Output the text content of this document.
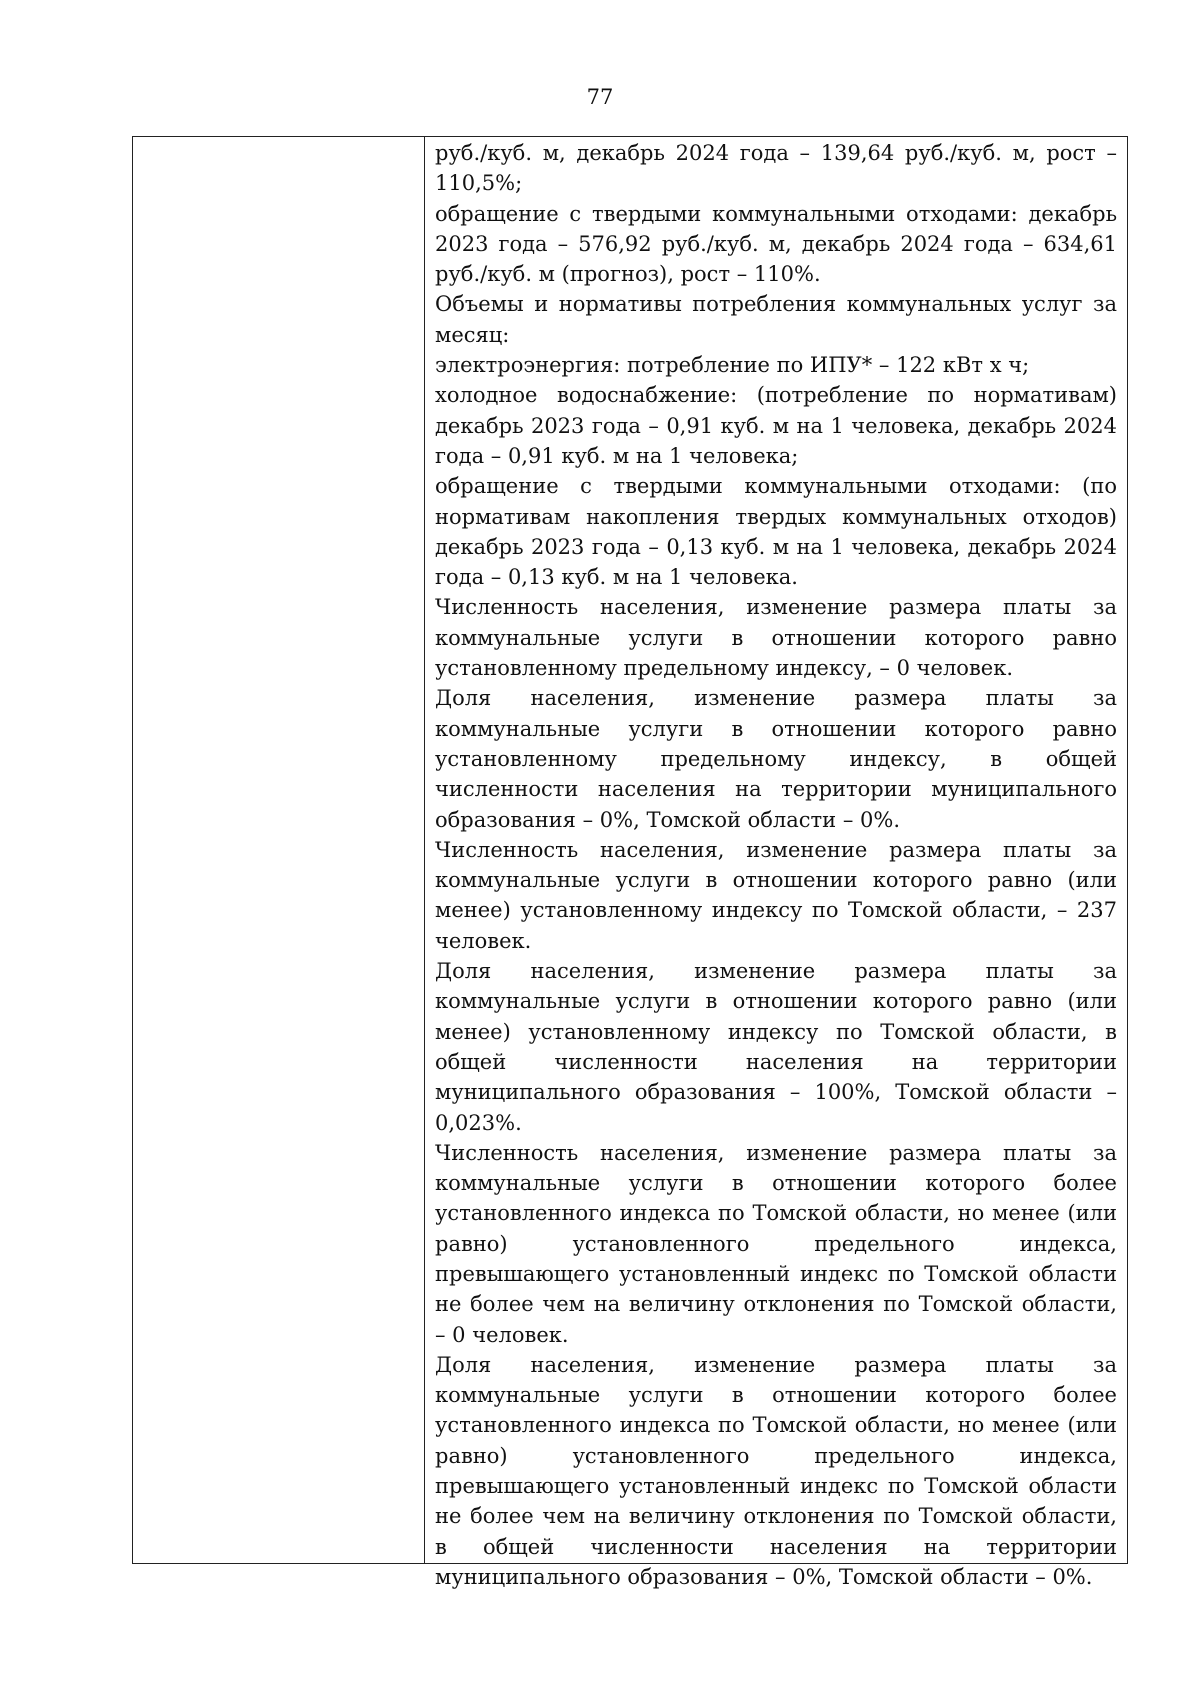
77

руб./куб. м, декабрь 2024 года – 139,64 руб./куб. м, рост – 110,5%;

обращение с твердыми коммунальными отходами: декабрь 2023 года – 576,92 руб./куб. м, декабрь 2024 года – 634,61 руб./куб. м (прогноз), рост – 110%.

Объемы и нормативы потребления коммунальных услуг за месяц:

электроэнергия: потребление по ИПУ* – 122 кВт х ч;

холодное водоснабжение: (потребление по нормативам) декабрь 2023 года – 0,91 куб. м на 1 человека, декабрь 2024 года – 0,91 куб. м на 1 человека;

обращение с твердыми коммунальными отходами: (по нормативам накопления твердых коммунальных отходов) декабрь 2023 года – 0,13 куб. м на 1 человека, декабрь 2024 года – 0,13 куб. м на 1 человека.

Численность населения, изменение размера платы за коммунальные услуги в отношении которого равно установленному предельному индексу, – 0 человек.

Доля населения, изменение размера платы за коммунальные услуги в отношении которого равно установленному предельному индексу, в общей численности населения на территории муниципального образования – 0%, Томской области – 0%.

Численность населения, изменение размера платы за коммунальные услуги в отношении которого равно (или менее) установленному индексу по Томской области, – 237 человек.

Доля населения, изменение размера платы за коммунальные услуги в отношении которого равно (или менее) установленному индексу по Томской области, в общей численности населения на территории муниципального образования – 100%, Томской области – 0,023%.

Численность населения, изменение размера платы за коммунальные услуги в отношении которого более установленного индекса по Томской области, но менее (или равно) установленного предельного индекса, превышающего установленный индекс по Томской области не более чем на величину отклонения по Томской области, – 0 человек.

Доля населения, изменение размера платы за коммунальные услуги в отношении которого более установленного индекса по Томской области, но менее (или равно) установленного предельного индекса, превышающего установленный индекс по Томской области не более чем на величину отклонения по Томской области, в общей численности населения на территории муниципального образования – 0%, Томской области – 0%.
